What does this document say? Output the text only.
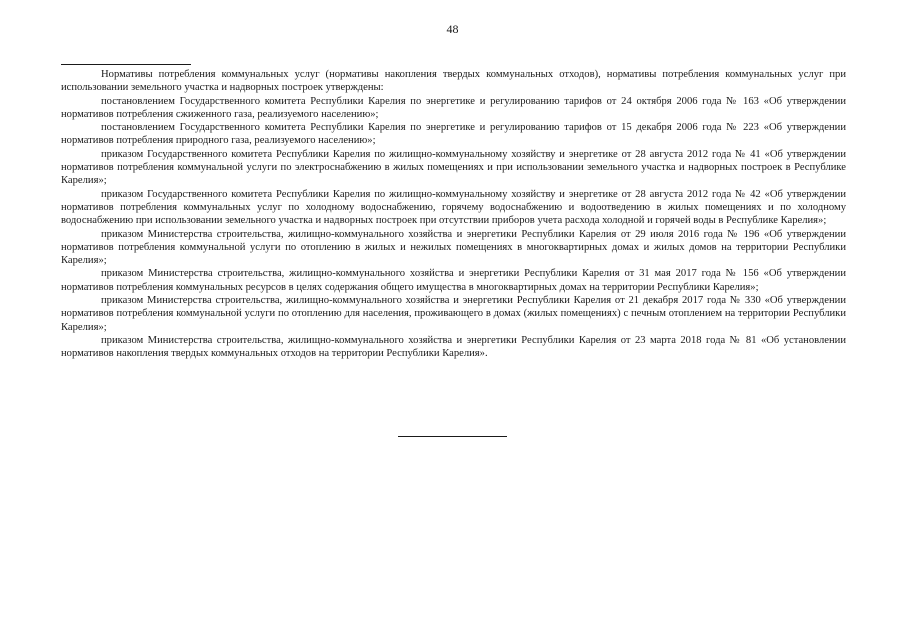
48

Нормативы потребления коммунальных услуг (нормативы накопления твердых коммунальных отходов), нормативы потребления коммунальных услуг при использовании земельного участка и надворных построек утверждены:

постановлением Государственного комитета Республики Карелия по энергетике и регулированию тарифов от 24 октября 2006 года № 163 «Об утверждении нормативов потребления сжиженного газа, реализуемого населению»;

постановлением Государственного комитета Республики Карелия по энергетике и регулированию тарифов от 15 декабря 2006 года № 223 «Об утверждении нормативов потребления природного газа, реализуемого населению»;

приказом Государственного комитета Республики Карелия по жилищно-коммунальному хозяйству и энергетике от 28 августа 2012 года № 41 «Об утверждении нормативов потребления коммунальной услуги по электроснабжению в жилых помещениях и при использовании земельного участка и надворных построек в Республике Карелия»;

приказом Государственного комитета Республики Карелия по жилищно-коммунальному хозяйству и энергетике от 28 августа 2012 года № 42 «Об утверждении нормативов потребления коммунальных услуг по холодному водоснабжению, горячему водоснабжению и водоотведению в жилых помещениях и по холодному водоснабжению при использовании земельного участка и надворных построек при отсутствии приборов учета расхода холодной и горячей воды в Республике Карелия»;

приказом Министерства строительства, жилищно-коммунального хозяйства и энергетики Республики Карелия от 29 июля 2016 года № 196 «Об утверждении нормативов потребления коммунальной услуги по отоплению в жилых и нежилых помещениях в многоквартирных домах и жилых домов на территории Республики Карелия»;

приказом Министерства строительства, жилищно-коммунального хозяйства и энергетики Республики Карелия от 31 мая 2017 года № 156 «Об утверждении нормативов потребления коммунальных ресурсов в целях содержания общего имущества в многоквартирных домах на территории Республики Карелия»;

приказом Министерства строительства, жилищно-коммунального хозяйства и энергетики Республики Карелия от 21 декабря 2017 года № 330 «Об утверждении нормативов потребления коммунальной услуги по отоплению для населения, проживающего в домах (жилых помещениях) с печным отоплением на территории Республики Карелия»;

приказом Министерства строительства, жилищно-коммунального хозяйства и энергетики Республики Карелия от 23 марта 2018 года № 81 «Об установлении нормативов накопления твердых коммунальных отходов на территории Республики Карелия».
